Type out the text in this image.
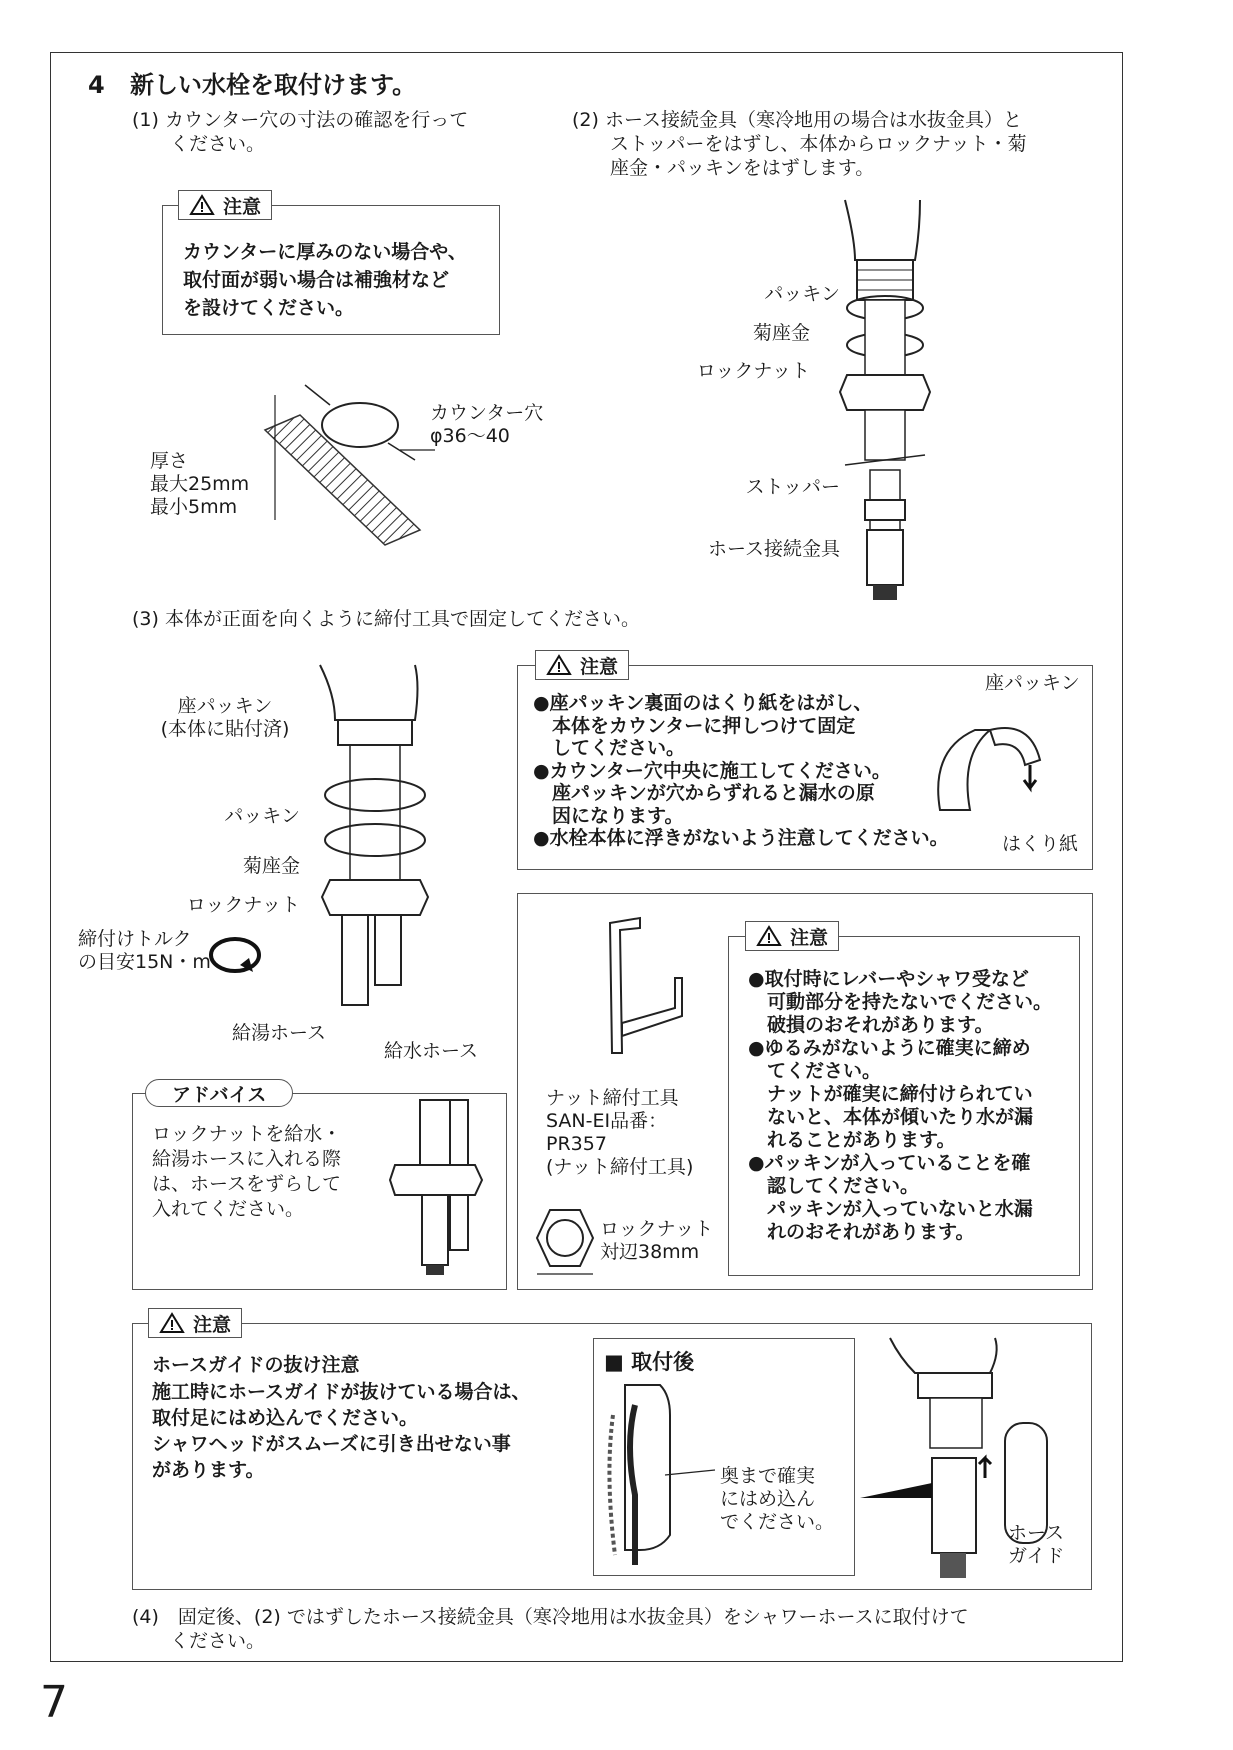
4 新しい水栓を取付けます。
(1) カウンター穴の寸法の確認を行って
　　ください。
注意
カウンターに厚みのない場合や、
取付面が弱い場合は補強材など
を設けてください。
カウンター穴
φ36〜40
厚さ
最大25mm
最小5mm
(2) ホース接続金具（寒冷地用の場合は水抜金具）と
　　ストッパーをはずし、本体からロックナット・菊
　　座金・パッキンをはずします。
パッキン
菊座金
ロックナット
ストッパー
ホース接続金具
(3) 本体が正面を向くように締付工具で固定してください。
座パッキン
(本体に貼付済)
パッキン
菊座金
ロックナット
締付けトルク
の目安15N・m
給湯ホース
給水ホース
注意
●座パッキン裏面のはくり紙をはがし、
　本体をカウンターに押しつけて固定
　してください。
●カウンター穴中央に施工してください。
　座パッキンが穴からずれると漏水の原
　因になります。
●水栓本体に浮きがないよう注意してください。
座パッキン
はくり紙
アドバイス
ロックナットを給水・
給湯ホースに入れる際
は、ホースをずらして
入れてください。
ナット締付工具
SAN-EI品番：
PR357
(ナット締付工具)
ロックナット
対辺38mm
注意
●取付時にレバーやシャワ受など
　可動部分を持たないでください。
　破損のおそれがあります。
●ゆるみがないように確実に締め
　てください。
　ナットが確実に締付けられてい
　ないと、本体が傾いたり水が漏
　れることがあります。
●パッキンが入っていることを確
　認してください。
　パッキンが入っていないと水漏
　れのおそれがあります。
注意
ホースガイドの抜け注意
施工時にホースガイドが抜けている場合は、
取付足にはめ込んでください。
シャワヘッドがスムーズに引き出せない事
があります。
■ 取付後
奥まで確実
にはめ込ん
でください。	ホース
ガイド
(4)　固定後、(2) ではずしたホース接続金具（寒冷地用は水抜金具）をシャワーホースに取付けて
　　ください。
7
